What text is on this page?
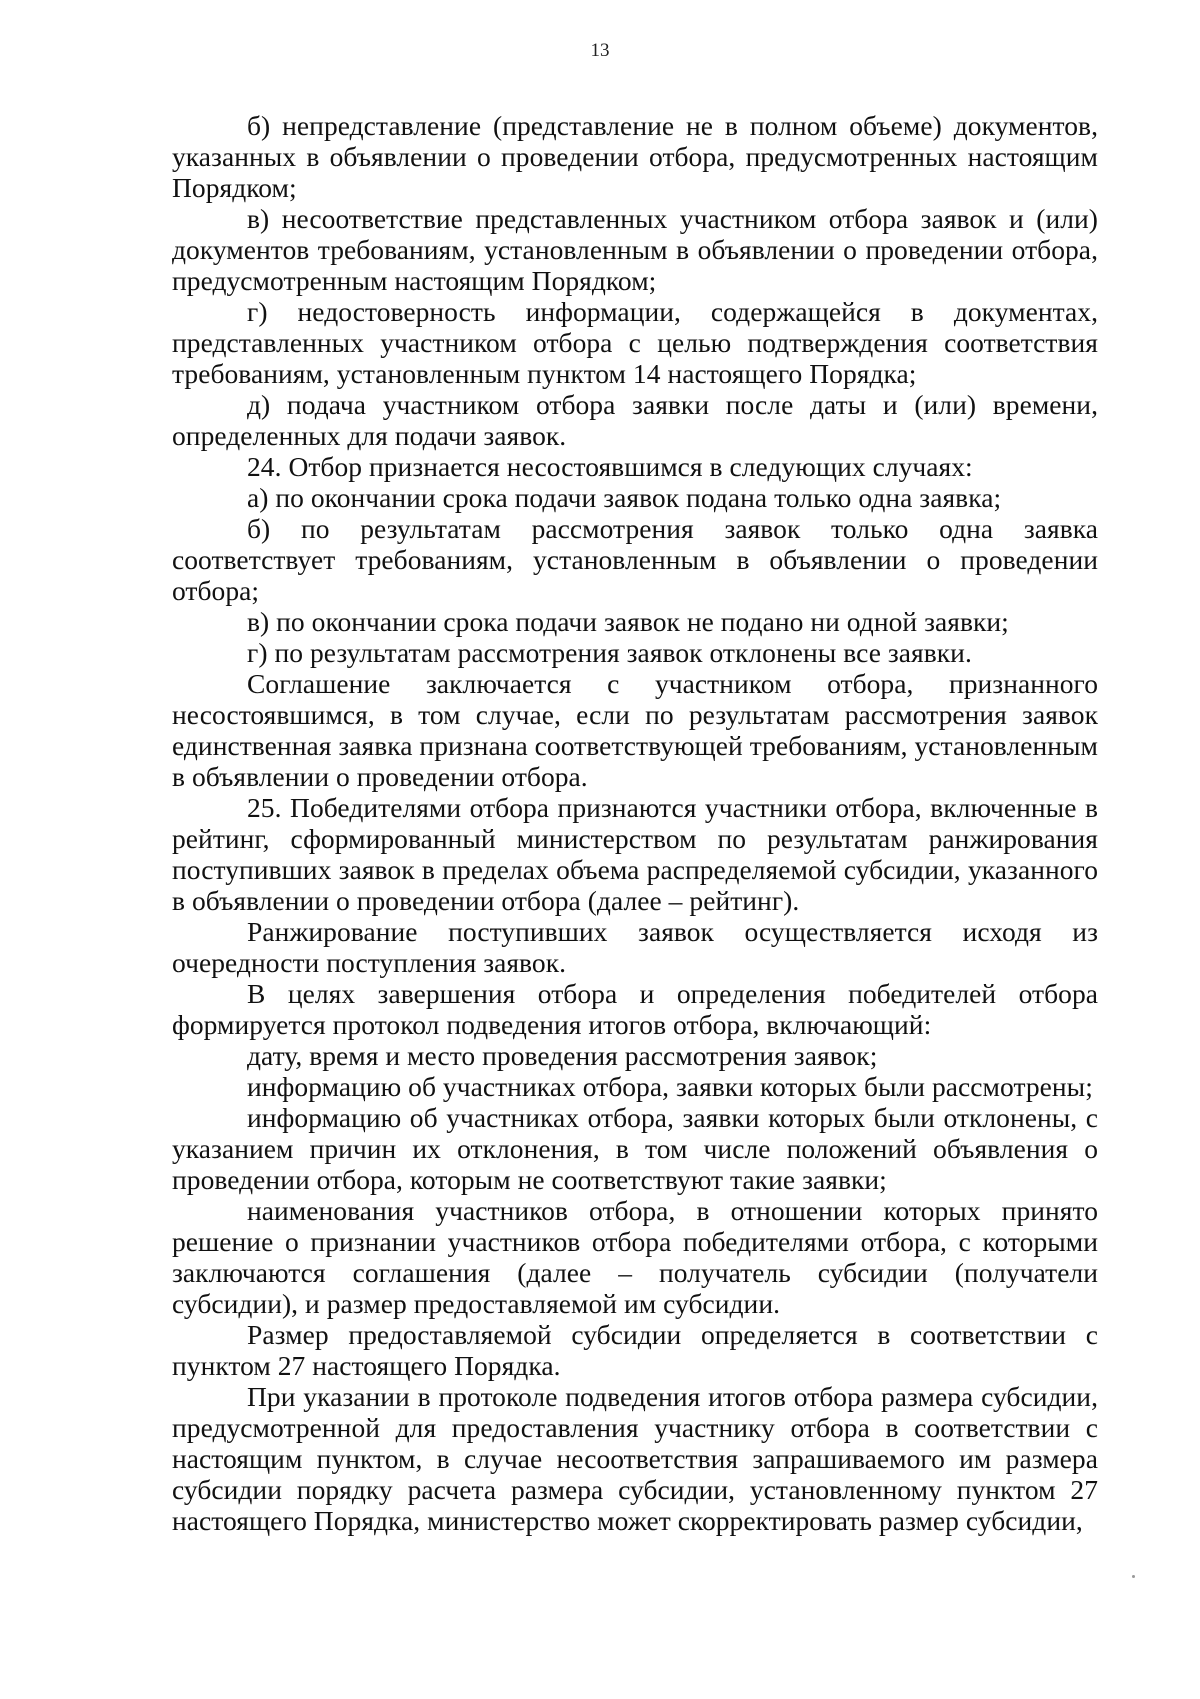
13

б) непредставление (представление не в полном объеме) документов, указанных в объявлении о проведении отбора, предусмотренных настоящим Порядком;

в) несоответствие представленных участником отбора заявок и (или) документов требованиям, установленным в объявлении о проведении отбора, предусмотренным настоящим Порядком;

г) недостоверность информации, содержащейся в документах, представленных участником отбора с целью подтверждения соответствия требованиям, установленным пунктом 14 настоящего Порядка;

д) подача участником отбора заявки после даты и (или) времени, определенных для подачи заявок.

24. Отбор признается несостоявшимся в следующих случаях:

а) по окончании срока подачи заявок подана только одна заявка;

б) по результатам рассмотрения заявок только одна заявка соответствует требованиям, установленным в объявлении о проведении отбора;

в) по окончании срока подачи заявок не подано ни одной заявки;

г) по результатам рассмотрения заявок отклонены все заявки.

Соглашение заключается с участником отбора, признанного несостоявшимся, в том случае, если по результатам рассмотрения заявок единственная заявка признана соответствующей требованиям, установленным в объявлении о проведении отбора.

25. Победителями отбора признаются участники отбора, включенные в рейтинг, сформированный министерством по результатам ранжирования поступивших заявок в пределах объема распределяемой субсидии, указанного в объявлении о проведении отбора (далее – рейтинг).

Ранжирование поступивших заявок осуществляется исходя из очередности поступления заявок.

В целях завершения отбора и определения победителей отбора формируется протокол подведения итогов отбора, включающий:

дату, время и место проведения рассмотрения заявок;

информацию об участниках отбора, заявки которых были рассмотрены;

информацию об участниках отбора, заявки которых были отклонены, с указанием причин их отклонения, в том числе положений объявления о проведении отбора, которым не соответствуют такие заявки;

наименования участников отбора, в отношении которых принято решение о признании участников отбора победителями отбора, с которыми заключаются соглашения (далее – получатель субсидии (получатели субсидии), и размер предоставляемой им субсидии.

Размер предоставляемой субсидии определяется в соответствии с пунктом 27 настоящего Порядка.

При указании в протоколе подведения итогов отбора размера субсидии, предусмотренной для предоставления участнику отбора в соответствии с настоящим пунктом, в случае несоответствия запрашиваемого им размера субсидии порядку расчета размера субсидии, установленному пунктом 27 настоящего Порядка, министерство может скорректировать размер субсидии,
